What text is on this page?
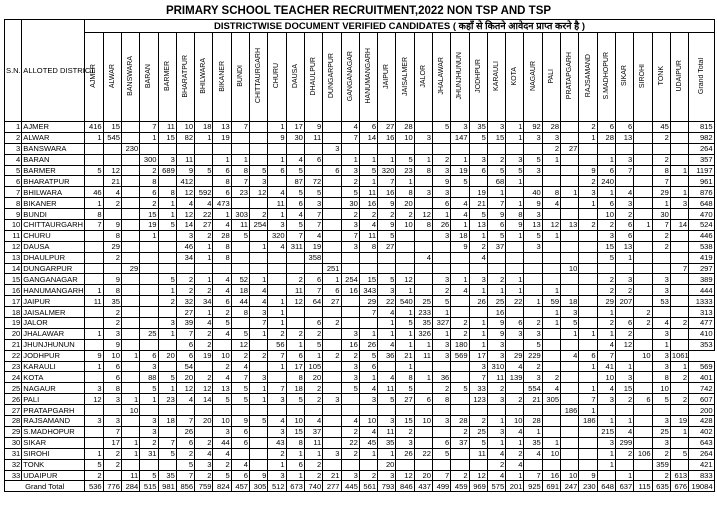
PRIMARY SCHOOL TEACHER RECRUITMENT,2022 NON TSP AND TSP
S.N.	ALLOTED DISTRICT	DISTRICTWISE DOCUMENT VERIFIED CANDIDATES ( कहाँ से कितने आवेदन प्राप्त करने है )																																	
		AJMER	ALWAR	BANSWARA	BARAN	BARMER	BHARATPUR	BHILWARA	BIKANER	BUNDI	CHITTAURGARH	CHURU	DAUSA	DHAULPUR	DUNGARPUR	GANGANAGAR	HANUMANGARH	JAIPUR	JAISALMER	JALOR	JHALAWAR	JHUNJHUNUN	JODHPUR	KARAULI	KOTA	NAGAUR	PALI	PRATAPGARH	RAJSAMAND	S.MADHOPUR	SIKAR	SIROHI	TONK	UDAIPUR	Grand Total
1	AJMER	416	15		7	11	10	18	13	7		1	17	9		4	6	27	28		5	3	35	3	1	92	28		2	6	6		45		815
2	ALWAR	1	545		1	15	82	1	19			9	30	11		7	14	16	10	3		147	5	15	1	3	3		1	28	13		2		982
3	BANSWARA			230											3												2	27							264
4	BARAN				300	3	11		1	1		1	4	6		1	1	1	5	1	2	1	3	2	3	5	1			1	3		2		357
5	BARMER	5	12		2	689	9	5	6	8	5	6	5		6	3	5	320	23	8	3	19	6	5	5	3			9	6	7		8	1	1197
6	BHARATPUR		21		8		412		8	7	3		87	72		2	1	7	1		9	5		68	1				2	240			7		961
7	BHILWARA	46	4		6	8	12	592	6	23	12	4	5	5		5	11	16	8	3	3		19	1		40	8	1	3	1	4		29	1	876
8	BIKANER	1	2		2	1	4	4	473			11	6	3		30	16	9	20		6	4	21	7	1	9	4		1	6	3		1	3	648
9	BUNDI	8			15	1	12	22	1	303	2	1	4	7		2	2	2	2	12	1	4	5	9	8	3				10	2		30		470
10	CHITTAURGARH	7	9		19	5	14	27	4	11	254	3	5	7		3	4	9	10	8	26	1	13	6	9	13	12	13	2	2	6	1	7	14	524
11	CHURU		8		1		3	2	28	5		320	7	4		7	11	5			3	18	1	5	1	5	1			3	6		2		446
12	DAUSA		29				46	1	8		1	4	311	19		3	8	27				9	2	37		3				15	13		2		538
13	DHAULPUR		2				34	1	8					358						4			4							5	1				419
14	DUNGARPUR			29											251													10						7	297
15	GANGANAGAR		9			5	2	1	4	52	1		2	6	1	254	15	5	12		3	1	3	2	1					2	3		3		389
16	HANUMANGARH	1	8			1	2	2	4	18	4		11	7	6	16	343	3	1		2	4	1	1	1		1			2	2		3		444
17	JAIPUR	11	35			2	32	34	6	44	4	1	12	64	27		29	22	540	25	5		26	25	22	1	59	18		29	207		53		1333
18	JAISALMER		2				27	1	2	8	3	1					7	4	1	233	1			16			1	3		1		2			313
19	JALOR		2			3	39	4	5		7	1		6	2			1	5	35	327	2	1	9	6	2	1	5		2	6	2	4	2	477
20	JHALAWAR	1	3		25	1	7	2	4	5	1	2	2	2		3	1	1	1	326	1	2	1	9	3	3		1	1	1	2		3		410
21	JHUNJHUNUN		9				6	2		12		56	1	5		16	26	4	1	1	3	180	1	3		5				4	12		1		353
22	JODHPUR	9	10	1	6	20	6	19	10	2	2	7	6	1	2	2	5	36	21	11	3	569	17	3	29	229		4	6	7		10	3	1061	
23	KARAULI	1	6		3		54		2	4		1	17	105		3	6		1				3	310	4	2			1	41	1		3	1	569
24	KOTA		6		88	5	20	2	4	7	3		8	20		3	1	4	8	1	36		7	11	139	3	2			10	3		8	2	401
25	NAGAUR	3	8		5	1	12	12	13	5	1	7	18	2		5	4	11	5		2	5	33	2		554	4		1	4	15		10		742
26	PALI	12	3	1	1	23	4	14	5	5	1	3	5	2	3		3	5	27	6	8		123	3	2	21	305		7	3	2	6	5	2	607
27	PRATAPGARH			10																								186	1						200
28	RAJSAMAND	3	3		3	18	7	20	10	9	5	4	10	4		4	10	3	15	10	3	28	2	1	10	28			186	1	1		3	19	428
29	S.MADHOPUR		7		3		26		3	6		3	15	37		2	4	11	2			2	25	3	4	1				215	4		25	1	402
30	SIKAR		17	1	2	7	6	2	44	6		43	8	11		22	45	35	3		6	37	5	1	1	35	1			3	299		3		643
31	SIROHI	1	2	1	31	5	2	4	4			2	1	1	3	2	1	1	26	22	5		11	4	2	4	10			1	2	106	2	5	264
32	TONK	5	2				5	3	2	4		1	6	2				20						2	4					1			359		421
33	UDAIPUR	2		11	5	35	7	2	5	6	9	3	1	2	21	3	2	3	12	20	7	2	12	4	1	7	16	10	9		1		2	613	833
Grand Total		536	776	284	515	981	856	759	824	457	305	512	673	740	277	445	561	793	846	437	499	459	969	575	201	925	691	247	230	648	637	115	635	676	19084
